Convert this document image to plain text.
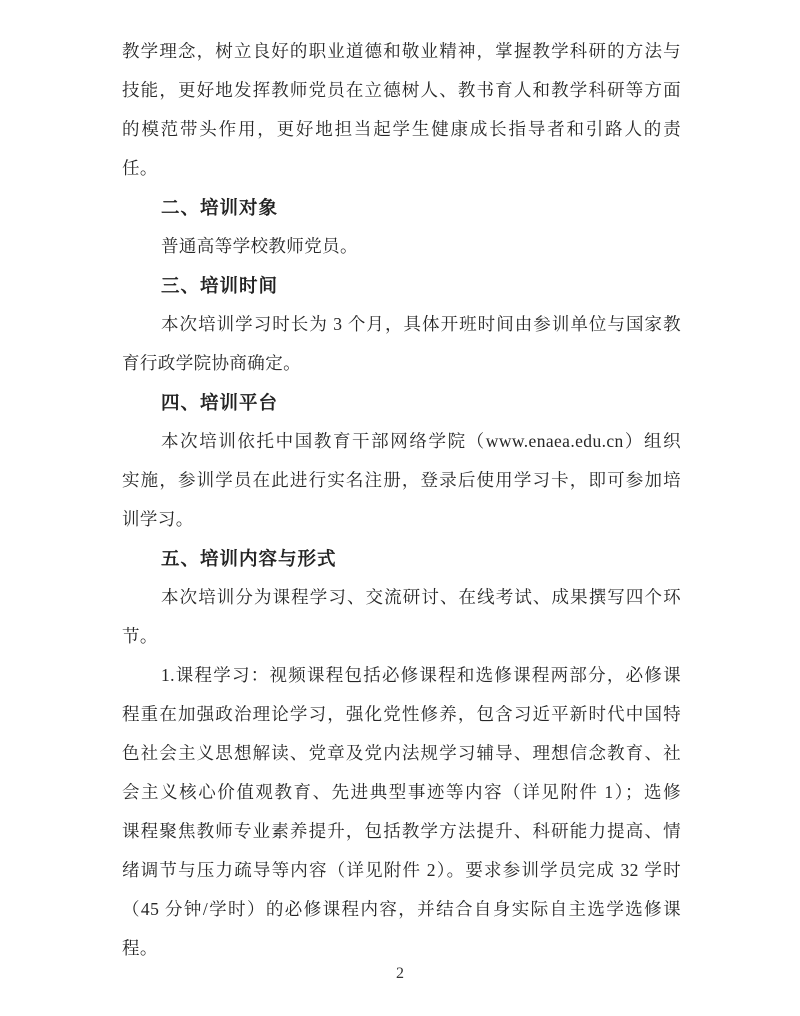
教学理念，树立良好的职业道德和敬业精神，掌握教学科研的方法与
技能，更好地发挥教师党员在立德树人、教书育人和教学科研等方面
的模范带头作用，更好地担当起学生健康成长指导者和引路人的责
任。
二、培训对象
普通高等学校教师党员。
三、培训时间
本次培训学习时长为 3 个月，具体开班时间由参训单位与国家教
育行政学院协商确定。
四、培训平台
本次培训依托中国教育干部网络学院（www.enaea.edu.cn）组织
实施，参训学员在此进行实名注册，登录后使用学习卡，即可参加培
训学习。
五、培训内容与形式
本次培训分为课程学习、交流研讨、在线考试、成果撰写四个环
节。
1.课程学习：视频课程包括必修课程和选修课程两部分，必修课
程重在加强政治理论学习，强化党性修养，包含习近平新时代中国特
色社会主义思想解读、党章及党内法规学习辅导、理想信念教育、社
会主义核心价值观教育、先进典型事迹等内容（详见附件 1）；选修
课程聚焦教师专业素养提升，包括教学方法提升、科研能力提高、情
绪调节与压力疏导等内容（详见附件 2）。要求参训学员完成 32 学时
（45 分钟/学时）的必修课程内容，并结合自身实际自主选学选修课
程。
2
